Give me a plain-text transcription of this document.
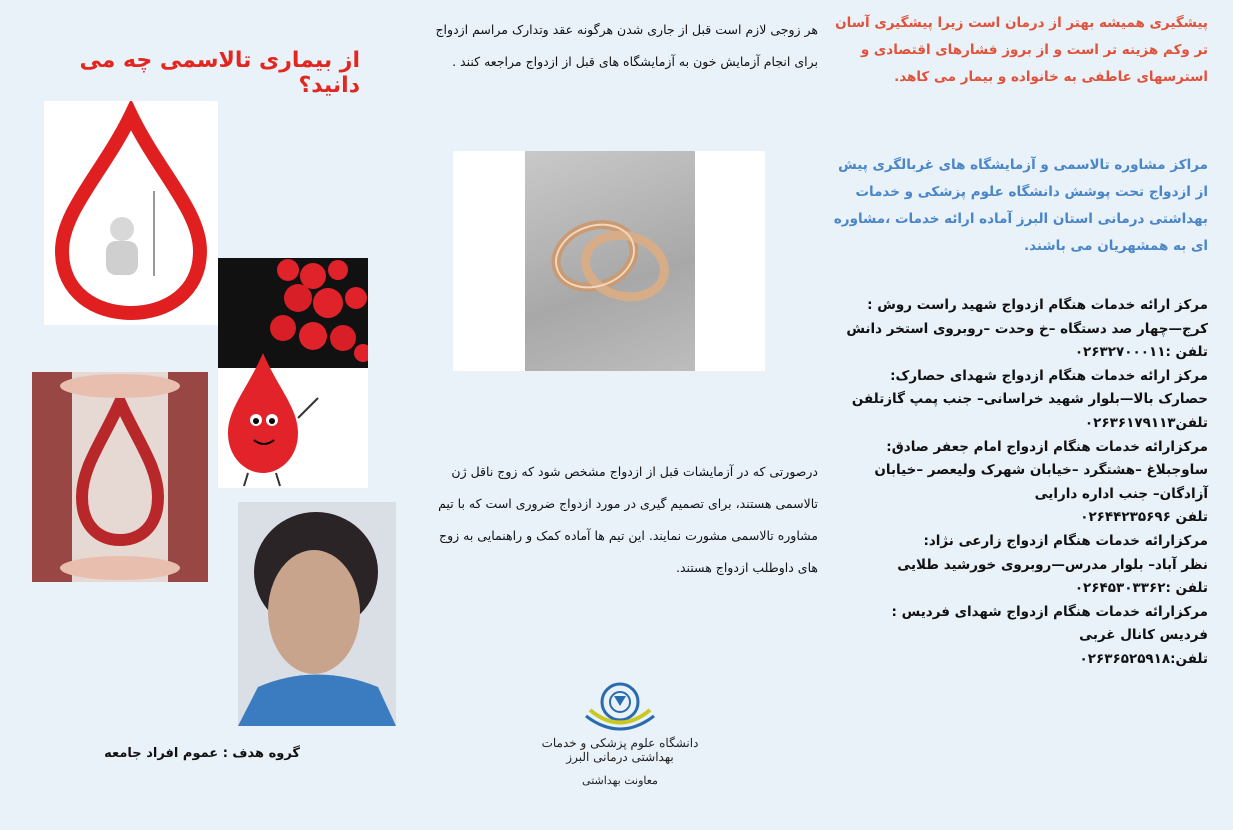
پیشگیری همیشه بهتر از درمان است زیرا پیشگیری آسان تر وکم هزینه تر است و از بروز فشارهای اقتصادی و استرسهای عاطفی به خانواده و بیمار می کاهد.
مراکز مشاوره تالاسمی و آزمایشگاه های غربالگری پیش از ازدواج تحت پوشش دانشگاه علوم پزشکی و خدمات بهداشتی درمانی استان البرز آماده ارائه خدمات ،مشاوره ای به همشهریان می باشند.
مرکز ارائه خدمات هنگام ازدواج شهید راست روش :
کرج—چهار صد دستگاه –خ وحدت –روبروی استخر دانش
تلفن :۰۲۶۳۲۷۰۰۰۱۱
مرکز ارائه خدمات هنگام ازدواج شهدای حصارک:
حصارک بالا—بلوار شهید خراسانی– جنب پمپ گازتلفن
تلفن۰۲۶۳۶۱۷۹۱۱۳
مرکزارائه خدمات هنگام ازدواج امام جعفر صادق:
ساوجبلاغ –هشتگرد –خیابان شهرک ولیعصر –خیابان
آزادگان– جنب اداره دارایی
تلفن ۰۲۶۴۴۲۳۵۶۹۶
مرکزارائه خدمات هنگام ازدواج زارعی نژاد:
نظر آباد– بلوار مدرس—روبروی خورشید طلایی
تلفن :۰۲۶۴۵۳۰۳۳۶۲
مرکزارائه خدمات هنگام ازدواج شهدای فردیس :
فردیس کانال غربی
تلفن:۰۲۶۳۶۵۲۵۹۱۸
هر زوجی لازم است قبل از جاری شدن هرگونه عقد وتدارک مراسم ازدواج برای انجام آزمایش خون به آزمایشگاه های قبل از ازدواج مراجعه کنند .
درصورتی که در آزمایشات قبل از ازدواج مشخص شود که زوج ناقل ژن تالاسمی هستند، برای تصمیم گیری در مورد ازدواج ضروری است که با تیم مشاوره تالاسمی مشورت نمایند. این تیم ها آماده کمک و راهنمایی به زوج های داوطلب ازدواج هستند.
دانشگاه علوم پزشکی و خدمات بهداشتی درمانی البرز
معاونت بهداشتی
از بیماری تالاسمی چه می دانید؟
گروه هدف : عموم افراد جامعه
